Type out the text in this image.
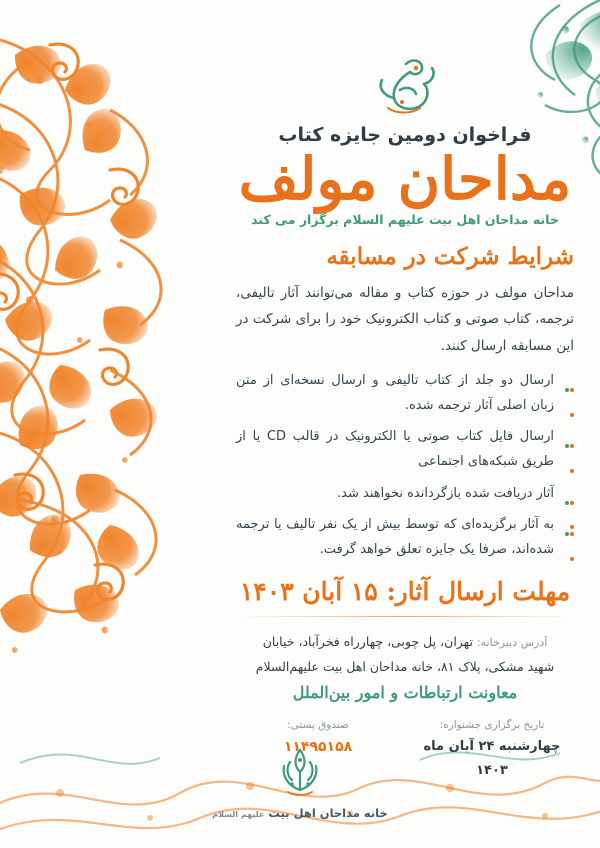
فراخوان دومین جایزه کتاب
مداحان مولف
خانه مداحان اهل بیت علیهم السلام برگزار می کند
شرایط شرکت در مسابقه

مداحان مولف در حوزه کتاب و مقاله می‌توانند آثار تالیفی، ترجمه، کتاب صوتی و کتاب الکترونیک خود را برای شرکت در این مسابقه ارسال کنند.

ارسال دو جلد از کتاب تالیفی و ارسال نسخه‌ای از متن زبان اصلی آثار ترجمه شده.
ارسال فایل کتاب صوتی یا الکترونیک در قالب CD یا از طریق شبکه‌های اجتماعی
آثار دریافت شده بازگردانده نخواهند شد.
به آثار برگزیده‌ای که توسط بیش از یک نفر تالیف یا ترجمه شده‌اند، صرفا یک جایزه تعلق خواهد گرفت.
مهلت ارسال آثار: ۱۵ آبان ۱۴۰۳
آدرس دبیرخانه: تهران، پل چوبی، چهارراه فخرآباد، خیابان
شهید مشکی، پلاک ۸۱، خانه مداحان اهل بیت علیهم‌السلام
معاونت ارتباطات و امور بین‌الملل
تاریخ برگزاری جشنواره:
چهارشنبه ۲۴ آبان ماه ۱۴۰۳
صندوق پستی:
۱۱۴۹۵۱۵۸
خانه مداحان اهل بیت علیهم السلام
